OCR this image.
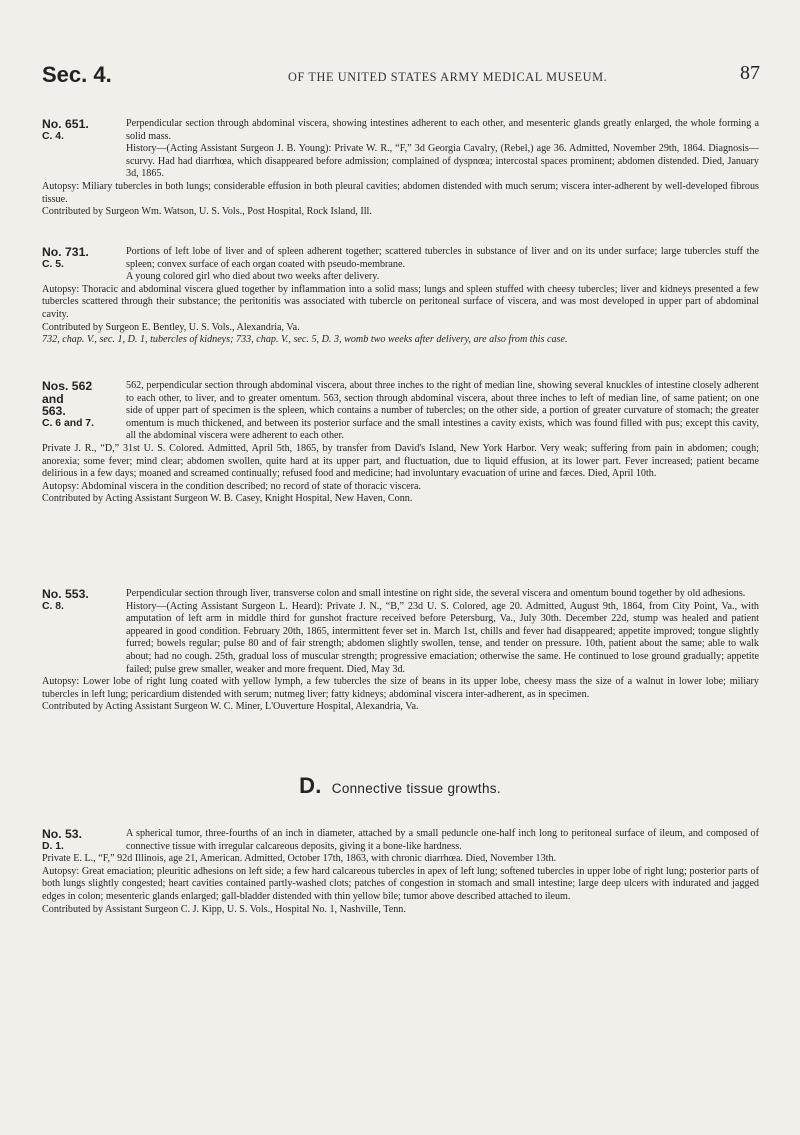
Sec. 4.	OF THE UNITED STATES ARMY MEDICAL MUSEUM.	87
No. 651.
C. 4.
Perpendicular section through abdominal viscera, showing intestines adherent to each other, and mesenteric glands greatly enlarged, the whole forming a solid mass.
History—(Acting Assistant Surgeon J. B. Young): Private W. R., “F,” 3d Georgia Cavalry, (Rebel,) age 36. Admitted, November 29th, 1864. Diagnosis—scurvy. Had had diarrhœa, which disappeared before admission; complained of dyspnœa; intercostal spaces prominent; abdomen distended. Died, January 3d, 1865.
Autopsy: Miliary tubercles in both lungs; considerable effusion in both pleural cavities; abdomen distended with much serum; viscera inter-adherent by well-developed fibrous tissue.
Contributed by Surgeon Wm. Watson, U. S. Vols., Post Hospital, Rock Island, Ill.
No. 731.
C. 5.
Portions of left lobe of liver and of spleen adherent together; scattered tubercles in substance of liver and on its under surface; large tubercles stuff the spleen; convex surface of each organ coated with pseudo-membrane.
A young colored girl who died about two weeks after delivery.
Autopsy: Thoracic and abdominal viscera glued together by inflammation into a solid mass; lungs and spleen stuffed with cheesy tubercles; liver and kidneys presented a few tubercles scattered through their substance; the peritonitis was associated with tubercle on peritoneal surface of viscera, and was most developed in upper part of abdominal cavity.
Contributed by Surgeon E. Bentley, U. S. Vols., Alexandria, Va.
732, chap. V., sec. 1, D. 1, tubercles of kidneys; 733, chap. V., sec. 5, D. 3, womb two weeks after delivery, are also from this case.
Nos. 562
and
563.
C. 6 and 7.
562, perpendicular section through abdominal viscera, about three inches to the right of median line, showing several knuckles of intestine closely adherent to each other, to liver, and to greater omentum. 563, section through abdominal viscera, about three inches to left of median line, of same patient; on one side of upper part of specimen is the spleen, which contains a number of tubercles; on the other side, a portion of greater curvature of stomach; the greater omentum is much thickened, and between its posterior surface and the small intestines a cavity exists, which was found filled with pus; except this cavity, all the abdominal viscera were adherent to each other.
Private J. R., “D,” 31st U. S. Colored. Admitted, April 5th, 1865, by transfer from David's Island, New York Harbor. Very weak; suffering from pain in abdomen; cough; anorexia; some fever; mind clear; abdomen swollen, quite hard at its upper part, and fluctuation, due to liquid effusion, at its lower part. Fever increased; patient became delirious in a few days; moaned and screamed continually; refused food and medicine; had involuntary evacuation of urine and fæces. Died, April 10th.
Autopsy: Abdominal viscera in the condition described; no record of state of thoracic viscera.
Contributed by Acting Assistant Surgeon W. B. Casey, Knight Hospital, New Haven, Conn.
No. 553.
C. 8.
Perpendicular section through liver, transverse colon and small intestine on right side, the several viscera and omentum bound together by old adhesions.
History—(Acting Assistant Surgeon L. Heard): Private J. N., “B,” 23d U. S. Colored, age 20. Admitted, August 9th, 1864, from City Point, Va., with amputation of left arm in middle third for gunshot fracture received before Petersburg, Va., July 30th. December 22d, stump was healed and patient appeared in good condition. February 20th, 1865, intermittent fever set in. March 1st, chills and fever had disappeared; appetite improved; tongue slightly furred; bowels regular; pulse 80 and of fair strength; abdomen slightly swollen, tense, and tender on pressure. 10th, patient about the same; able to walk about; had no cough. 25th, gradual loss of muscular strength; progressive emaciation; otherwise the same. He continued to lose ground gradually; appetite failed; pulse grew smaller, weaker and more frequent. Died, May 3d.
Autopsy: Lower lobe of right lung coated with yellow lymph, a few tubercles the size of beans in its upper lobe, cheesy mass the size of a walnut in lower lobe; miliary tubercles in left lung; pericardium distended with serum; nutmeg liver; fatty kidneys; abdominal viscera inter-adherent, as in specimen.
Contributed by Acting Assistant Surgeon W. C. Miner, L'Ouverture Hospital, Alexandria, Va.
D. Connective tissue growths.
No. 53.
D. 1.
A spherical tumor, three-fourths of an inch in diameter, attached by a small peduncle one-half inch long to peritoneal surface of ileum, and composed of connective tissue with irregular calcareous deposits, giving it a bone-like hardness.
Private E. L., “F,” 92d Illinois, age 21, American. Admitted, October 17th, 1863, with chronic diarrhœa. Died, November 13th.
Autopsy: Great emaciation; pleuritic adhesions on left side; a few hard calcareous tubercles in apex of left lung; softened tubercles in upper lobe of right lung; posterior parts of both lungs slightly congested; heart cavities contained partly-washed clots; patches of congestion in stomach and small intestine; large deep ulcers with indurated and jagged edges in colon; mesenteric glands enlarged; gall-bladder distended with thin yellow bile; tumor above described attached to ileum.
Contributed by Assistant Surgeon C. J. Kipp, U. S. Vols., Hospital No. 1, Nashville, Tenn.
